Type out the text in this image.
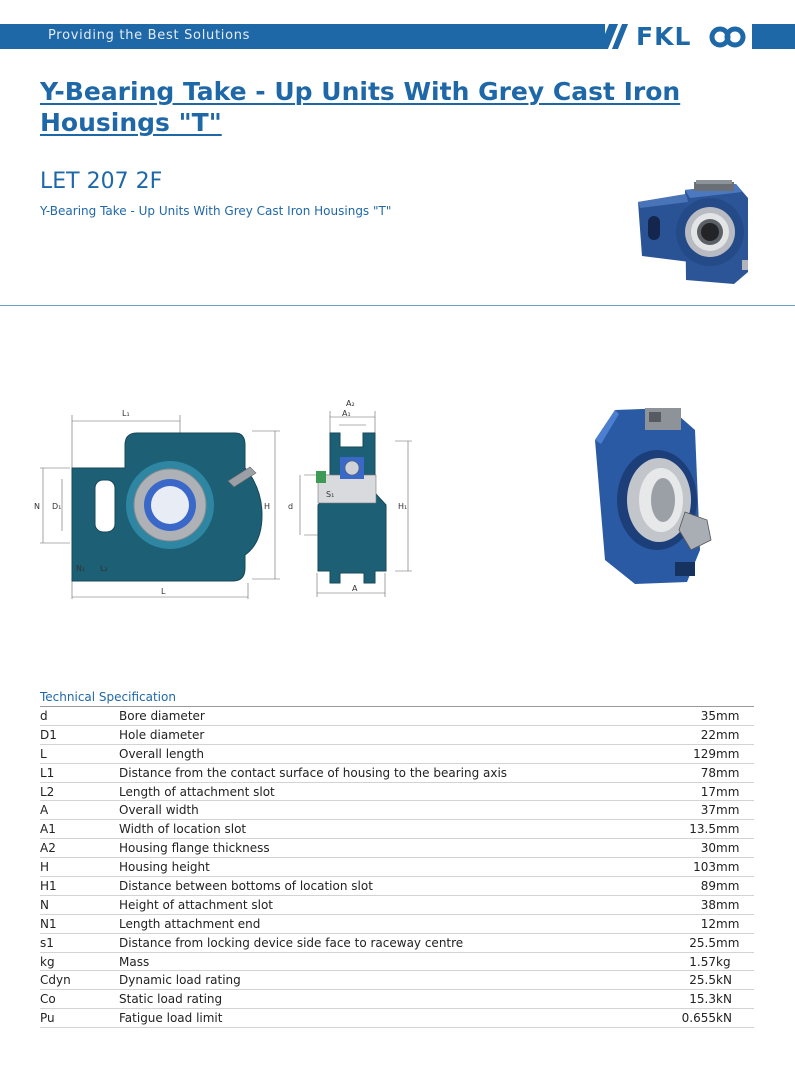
Providing the Best Solutions	FKL
Y-Bearing Take - Up Units With Grey Cast Iron Housings "T"
LET 207 2F
Y-Bearing Take - Up Units With Grey Cast Iron Housings "T"
L₁
L
N₁ L₂
N D₁	H
A₂
A₁
d
S₁
H₁
A
Technical Specification
d	Bore diameter	35	mm
D1	Hole diameter	22	mm
L	Overall length	129	mm
L1	Distance from the contact surface of housing to the bearing axis	78	mm
L2	Length of attachment slot	17	mm
A	Overall width	37	mm
A1	Width of location slot	13.5	mm
A2	Housing flange thickness	30	mm
H	Housing height	103	mm
H1	Distance between bottoms of location slot	89	mm
N	Height of attachment slot	38	mm
N1	Length attachment end	12	mm
s1	Distance from locking device side face to raceway centre	25.5	mm
kg	Mass	1.57	kg
Cdyn	Dynamic load rating	25.5	kN
Co	Static load rating	15.3	kN
Pu	Fatigue load limit	0.655	kN
